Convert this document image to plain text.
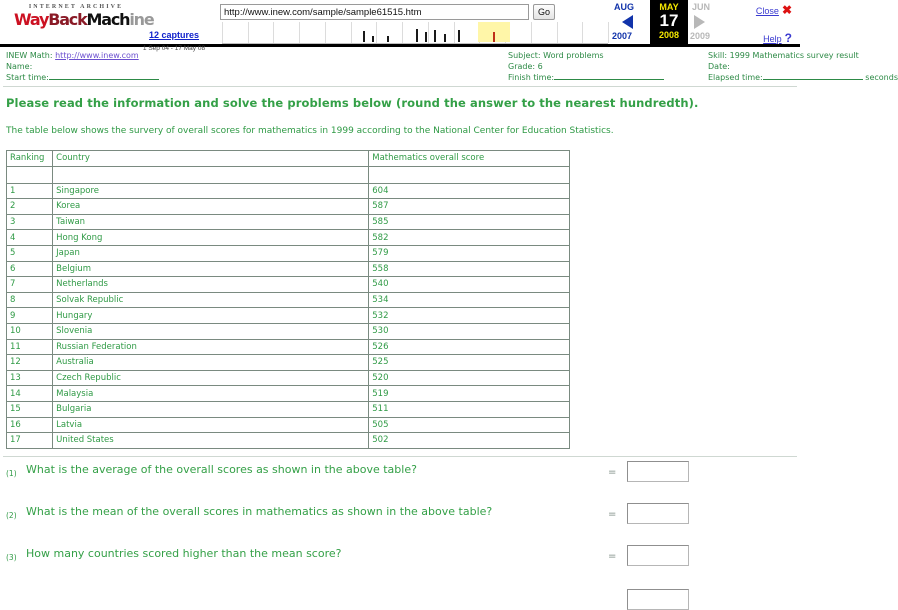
INTERNET ARCHIVE
Way Back Mach ine
12 captures
1 Sep 04 - 17 May 08
http://www.inew.com/sample/sample61515.htm	Go	AUG
2007
MAY
17
2008
JUN
2009
Close ✖
Help ?
INEW Math: http://www.inew.com
Name:
Start time:
Subject: Word problems
Grade: 6
Finish time:
Skill: 1999 Mathematics survey result
Date:
Elapsed time:	seconds
Please read the information and solve the problems below (round the answer to the nearest hundredth).
The table below shows the survery of overall scores for mathematics in 1999 according to the National Center for Education Statistics.
Ranking	Country	Mathematics overall score

1	Singapore	604
2	Korea	587
3	Taiwan	585
4	Hong Kong	582
5	Japan	579
6	Belgium	558
7	Netherlands	540
8	Solvak Republic	534
9	Hungary	532
10	Slovenia	530
11	Russian Federation	526
12	Australia	525
13	Czech Republic	520
14	Malaysia	519
15	Bulgaria	511
16	Latvia	505
17	United States	502
(1) What is the average of the overall scores as shown in the above table?	=
(2) What is the mean of the overall scores in mathematics as shown in the above table?	=
(3) How many countries scored higher than the mean score?	=
